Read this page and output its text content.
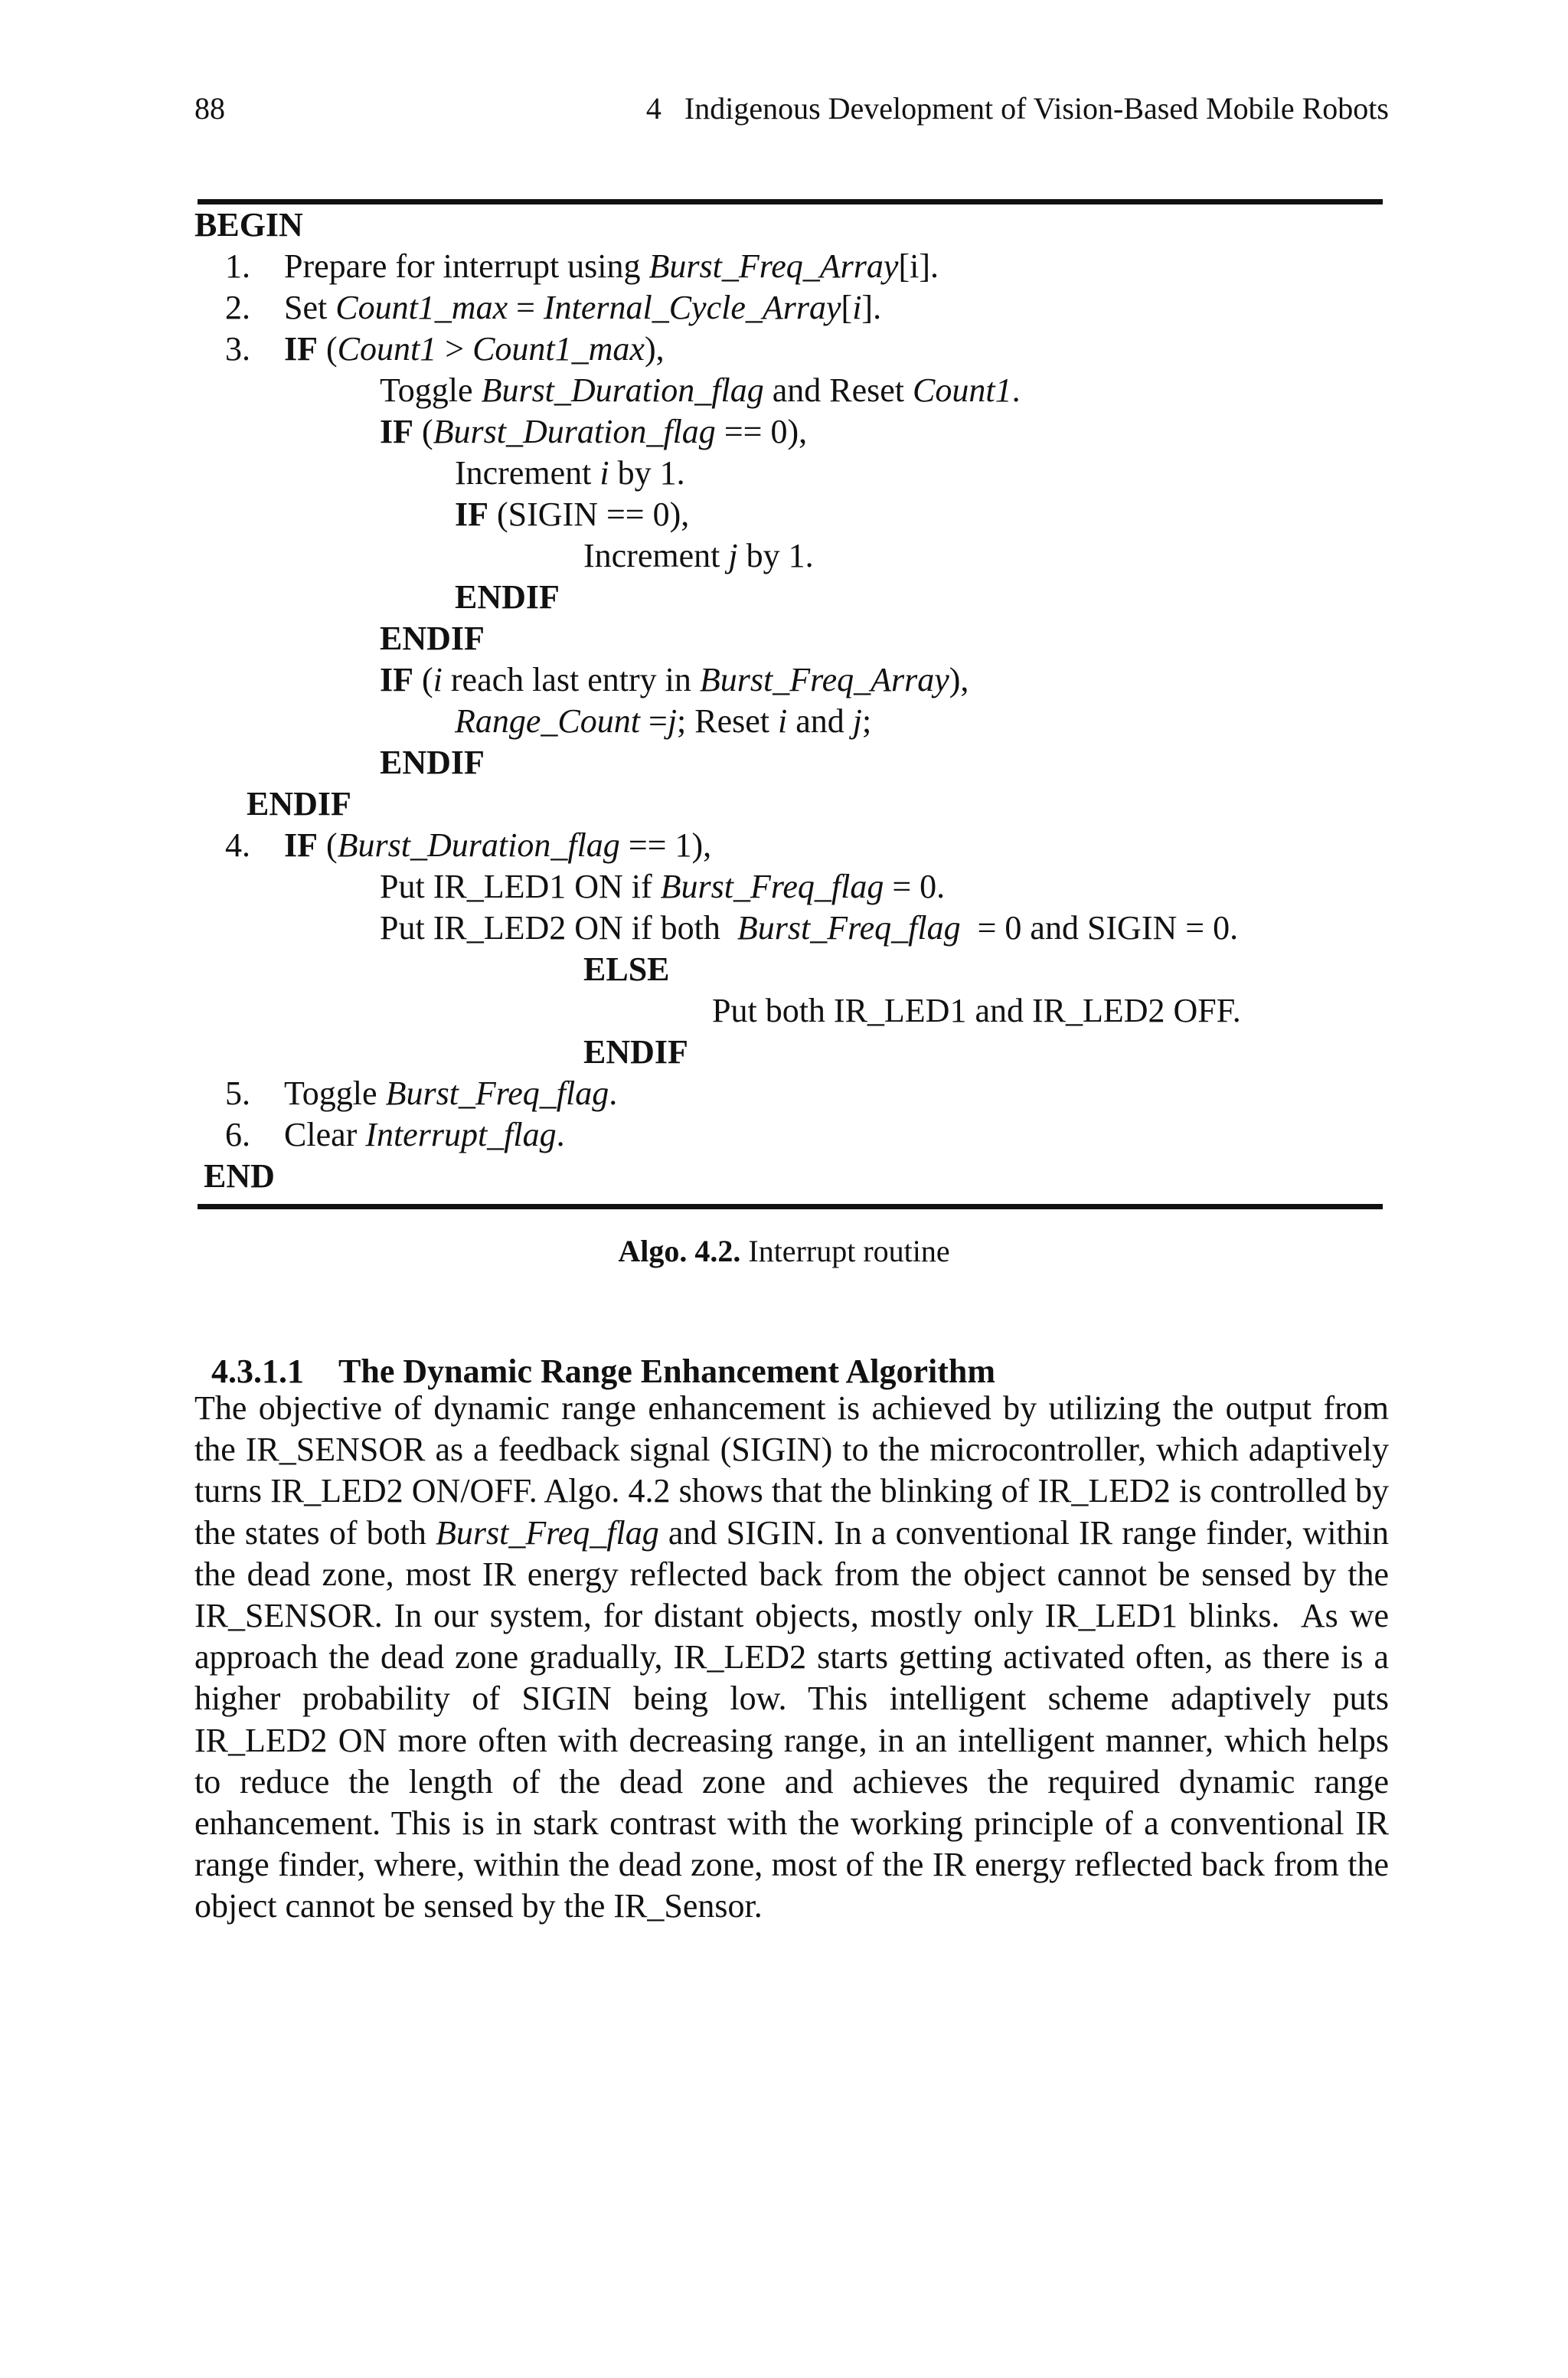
88	4   Indigenous Development of Vision-Based Mobile Robots
BEGIN
1.    Prepare for interrupt using Burst_Freq_Array[i].
2.    Set Count1_max = Internal_Cycle_Array[i].
3.    IF (Count1 > Count1_max),
Toggle Burst_Duration_flag and Reset Count1.
IF (Burst_Duration_flag == 0),
Increment i by 1.
IF (SIGIN == 0),
Increment j by 1.
ENDIF
ENDIF
IF (i reach last entry in Burst_Freq_Array),
Range_Count =j; Reset i and j;
ENDIF
ENDIF
4.    IF (Burst_Duration_flag == 1),
Put IR_LED1 ON if Burst_Freq_flag = 0.
Put IR_LED2 ON if both  Burst_Freq_flag  = 0 and SIGIN = 0.
ELSE
Put both IR_LED1 and IR_LED2 OFF.
ENDIF
5.    Toggle Burst_Freq_flag.
6.    Clear Interrupt_flag.
END
Algo. 4.2. Interrupt routine

4.3.1.1 The Dynamic Range Enhancement Algorithm

The objective of dynamic range enhancement is achieved by utilizing the output from the IR_SENSOR as a feedback signal (SIGIN) to the microcontroller, which adaptively turns IR_LED2 ON/OFF. Algo. 4.2 shows that the blinking of IR_LED2 is controlled by the states of both Burst_Freq_flag and SIGIN. In a conventional IR range finder, within the dead zone, most IR energy reflected back from the object cannot be sensed by the IR_SENSOR. In our system, for distant objects, mostly only IR_LED1 blinks.  As we approach the dead zone gradually, IR_LED2 starts getting activated often, as there is a higher probability of SIGIN being low. This intelligent scheme adaptively puts IR_LED2 ON more often with decreasing range, in an intelligent manner, which helps to reduce the length of the dead zone and achieves the required dynamic range enhancement. This is in stark contrast with the working principle of a conventional IR range finder, where, within the dead zone, most of the IR energy reflected back from the object cannot be sensed by the IR_Sensor.
